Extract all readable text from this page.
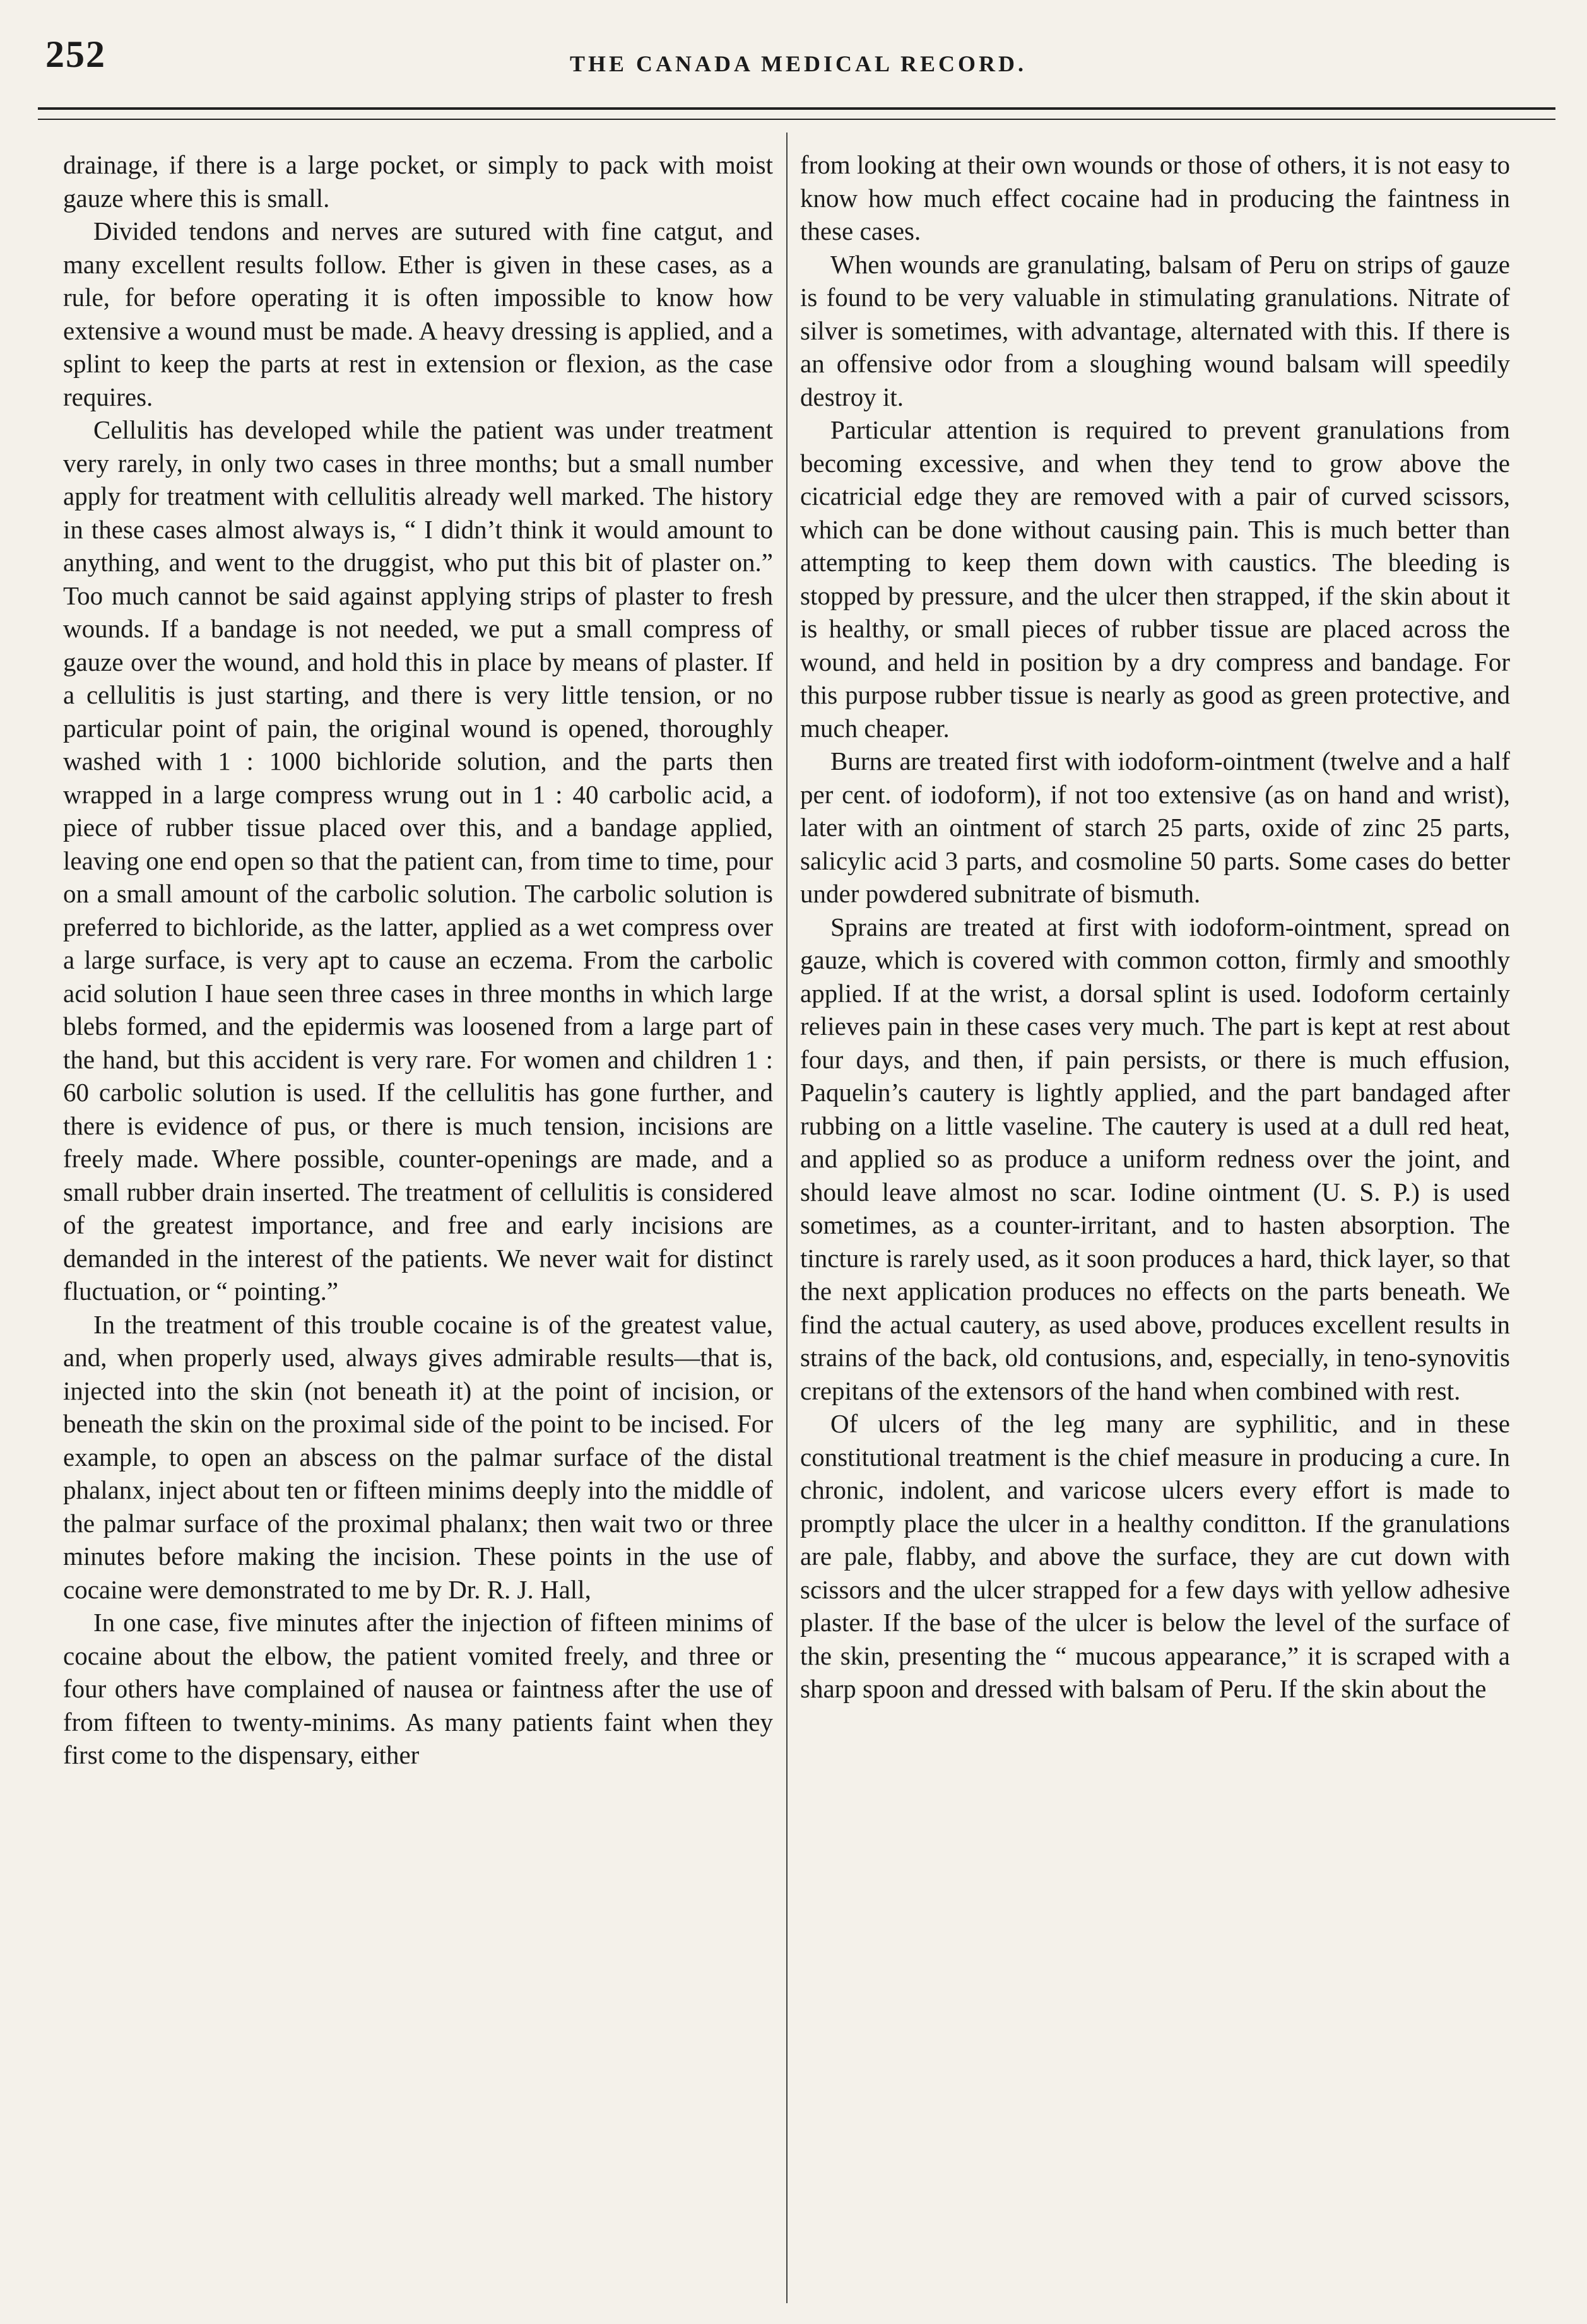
252	THE CANADA MEDICAL RECORD.

drainage, if there is a large pocket, or simply to pack with moist gauze where this is small.

Divided tendons and nerves are sutured with fine catgut, and many excellent results follow. Ether is given in these cases, as a rule, for before operating it is often impossible to know how extensive a wound must be made. A heavy dressing is applied, and a splint to keep the parts at rest in extension or flexion, as the case requires.

Cellulitis has developed while the patient was under treatment very rarely, in only two cases in three months; but a small number apply for treatment with cellulitis already well marked. The history in these cases almost always is, “ I didn’t think it would amount to anything, and went to the druggist, who put this bit of plaster on.” Too much cannot be said against applying strips of plaster to fresh wounds. If a bandage is not needed, we put a small compress of gauze over the wound, and hold this in place by means of plaster. If a cellulitis is just starting, and there is very little tension, or no particular point of pain, the original wound is opened, thoroughly washed with 1 : 1000 bichloride solution, and the parts then wrapped in a large compress wrung out in 1 : 40 carbolic acid, a piece of rubber tissue placed over this, and a bandage applied, leaving one end open so that the patient can, from time to time, pour on a small amount of the carbolic solution. The carbolic solution is preferred to bichloride, as the latter, applied as a wet compress over a large surface, is very apt to cause an eczema. From the carbolic acid solution I haue seen three cases in three months in which large blebs formed, and the epidermis was loosened from a large part of the hand, but this accident is very rare. For women and children 1 : 60 carbolic solution is used. If the cellulitis has gone further, and there is evidence of pus, or there is much tension, incisions are freely made. Where possible, counter-openings are made, and a small rubber drain inserted. The treatment of cellulitis is considered of the greatest importance, and free and early incisions are demanded in the interest of the patients. We never wait for distinct fluctuation, or “ pointing.”

In the treatment of this trouble cocaine is of the greatest value, and, when properly used, always gives admirable results—that is, injected into the skin (not beneath it) at the point of incision, or beneath the skin on the proximal side of the point to be incised. For example, to open an abscess on the palmar surface of the distal phalanx, inject about ten or fifteen minims deeply into the middle of the palmar surface of the proximal phalanx; then wait two or three minutes before making the incision. These points in the use of cocaine were demonstrated to me by Dr. R. J. Hall,

In one case, five minutes after the injection of fifteen minims of cocaine about the elbow, the patient vomited freely, and three or four others have complained of nausea or faintness after the use of from fifteen to twenty-minims. As many patients faint when they first come to the dispensary, either

from looking at their own wounds or those of others, it is not easy to know how much effect cocaine had in producing the faintness in these cases.

When wounds are granulating, balsam of Peru on strips of gauze is found to be very valuable in stimulating granulations. Nitrate of silver is sometimes, with advantage, alternated with this. If there is an offensive odor from a sloughing wound balsam will speedily destroy it.

Particular attention is required to prevent granulations from becoming excessive, and when they tend to grow above the cicatricial edge they are removed with a pair of curved scissors, which can be done without causing pain. This is much better than attempting to keep them down with caustics. The bleeding is stopped by pressure, and the ulcer then strapped, if the skin about it is healthy, or small pieces of rubber tissue are placed across the wound, and held in position by a dry compress and bandage. For this purpose rubber tissue is nearly as good as green protective, and much cheaper.

Burns are treated first with iodoform-ointment (twelve and a half per cent. of iodoform), if not too extensive (as on hand and wrist), later with an ointment of starch 25 parts, oxide of zinc 25 parts, salicylic acid 3 parts, and cosmoline 50 parts. Some cases do better under powdered subnitrate of bismuth.

Sprains are treated at first with iodoform-ointment, spread on gauze, which is covered with common cotton, firmly and smoothly applied. If at the wrist, a dorsal splint is used. Iodoform certainly relieves pain in these cases very much. The part is kept at rest about four days, and then, if pain persists, or there is much effusion, Paquelin’s cautery is lightly applied, and the part bandaged after rubbing on a little vaseline. The cautery is used at a dull red heat, and applied so as produce a uniform redness over the joint, and should leave almost no scar. Iodine ointment (U. S. P.) is used sometimes, as a counter-irritant, and to hasten absorption. The tincture is rarely used, as it soon produces a hard, thick layer, so that the next application produces no effects on the parts beneath. We find the actual cautery, as used above, produces excellent results in strains of the back, old contusions, and, especially, in teno-synovitis crepitans of the extensors of the hand when combined with rest.

Of ulcers of the leg many are syphilitic, and in these constitutional treatment is the chief measure in producing a cure. In chronic, indolent, and varicose ulcers every effort is made to promptly place the ulcer in a healthy conditton. If the granulations are pale, flabby, and above the surface, they are cut down with scissors and the ulcer strapped for a few days with yellow adhesive plaster. If the base of the ulcer is below the level of the surface of the skin, presenting the “ mucous appearance,” it is scraped with a sharp spoon and dressed with balsam of Peru. If the skin about the
